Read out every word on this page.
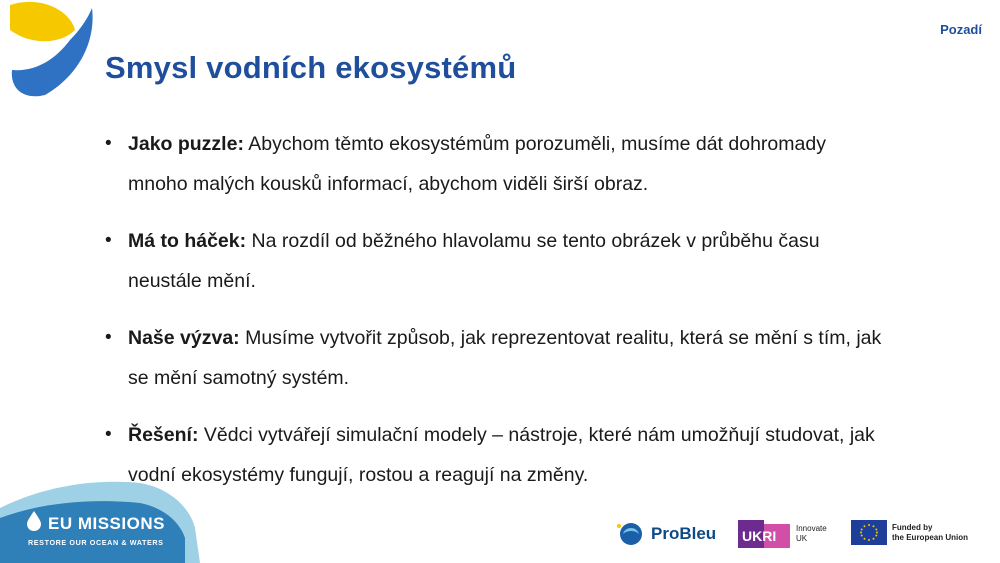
Pozadí
Smysl vodních ekosystémů
• Jako puzzle: Abychom těmto ekosystémům porozuměli, musíme dát dohromady mnoho malých kousků informací, abychom viděli širší obraz.
• Má to háček: Na rozdíl od běžného hlavolamu se tento obrázek v průběhu času neustále mění.
• Naše výzva: Musíme vytvořit způsob, jak reprezentovat realitu, která se mění s tím, jak se mění samotný systém.
• Řešení: Vědci vytvářejí simulační modely – nástroje, které nám umožňují studovat, jak vodní ekosystémy fungují, rostou a reagují na změny.
EU MISSIONS
RESTORE OUR OCEAN & WATERS	ProBleu UKRI Innovate
UK
Funded by
the European Union
